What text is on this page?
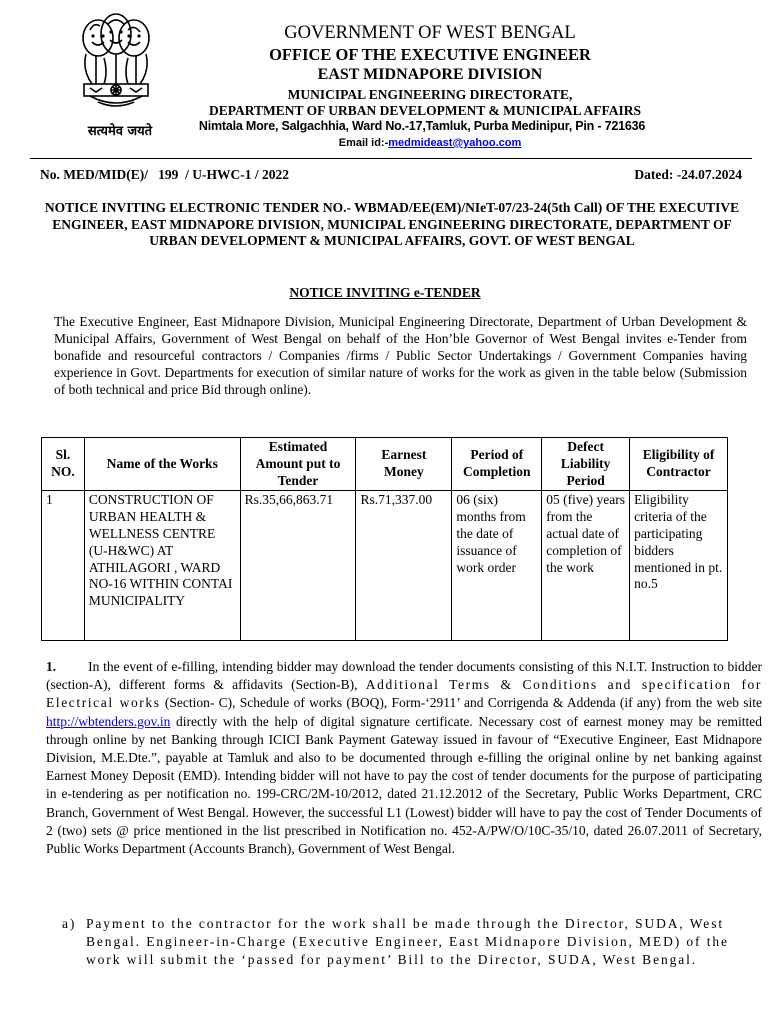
सत्यमेव जयते
GOVERNMENT OF WEST BENGAL
OFFICE OF THE EXECUTIVE ENGINEER
EAST MIDNAPORE DIVISION
MUNICIPAL ENGINEERING DIRECTORATE,
DEPARTMENT OF URBAN DEVELOPMENT & MUNICIPAL AFFAIRS
Nimtala More, Salgachhia, Ward No.-17,Tamluk, Purba Medinipur, Pin - 721636
Email id:-medmideast@yahoo.com
No. MED/MID(E)/   199  / U-HWC-1 / 2022	Dated: -24.07.2024
NOTICE INVITING ELECTRONIC TENDER NO.- WBMAD/EE(EM)/NIeT-07/23-24(5th Call) OF THE EXECUTIVE ENGINEER, EAST MIDNAPORE DIVISION, MUNICIPAL ENGINEERING DIRECTORATE, DEPARTMENT OF URBAN DEVELOPMENT & MUNICIPAL AFFAIRS, GOVT. OF WEST BENGAL
NOTICE INVITING e-TENDER
The Executive Engineer, East Midnapore Division, Municipal Engineering Directorate, Department of Urban Development & Municipal Affairs, Government of West Bengal on behalf of the Hon’ble Governor of West Bengal invites e-Tender from bonafide and resourceful contractors / Companies /firms / Public Sector Undertakings / Government Companies having experience in Govt. Departments for execution of similar nature of works for the work as given in the table below (Submission of both technical and price Bid through online).
Sl. NO.	Name of the Works	Estimated Amount put to Tender	Earnest Money	Period of Completion	Defect Liability Period	Eligibility of Contractor
1	CONSTRUCTION OF URBAN HEALTH & WELLNESS CENTRE (U-H&WC) AT ATHILAGORI , WARD NO-16 WITHIN CONTAI MUNICIPALITY	Rs.35,66,863.71	Rs.71,337.00	06 (six) months from the date of issuance of work order	05 (five) years from the actual date of completion of the work	Eligibility criteria of the participating bidders mentioned in pt. no.5
1. In the event of e-filling, intending bidder may download the tender documents consisting of this N.I.T. Instruction to bidder (section-A), different forms & affidavits (Section-B), Additional Terms & Conditions and specification for Electrical works (Section- C), Schedule of works (BOQ), Form-‘2911’ and Corrigenda & Addenda (if any) from the web site http://wbtenders.gov.in directly with the help of digital signature certificate. Necessary cost of earnest money may be remitted through online by net Banking through ICICI Bank Payment Gateway issued in favour of “Executive Engineer, East Midnapore Division, M.E.Dte.”, payable at Tamluk and also to be documented through e-filling the original online by net banking against Earnest Money Deposit (EMD). Intending bidder will not have to pay the cost of tender documents for the purpose of participating in e-tendering as per notification no. 199-CRC/2M-10/2012, dated 21.12.2012 of the Secretary, Public Works Department, CRC Branch, Government of West Bengal. However, the successful L1 (Lowest) bidder will have to pay the cost of Tender Documents of 2 (two) sets @ price mentioned in the list prescribed in Notification no. 452-A/PW/O/10C-35/10, dated 26.07.2011 of Secretary, Public Works Department (Accounts Branch), Government of West Bengal.
a) Payment to the contractor for the work shall be made through the Director, SUDA, West Bengal. Engineer-in-Charge (Executive Engineer, East Midnapore Division, MED) of the work will submit the ‘passed for payment’ Bill to the Director, SUDA, West Bengal.
